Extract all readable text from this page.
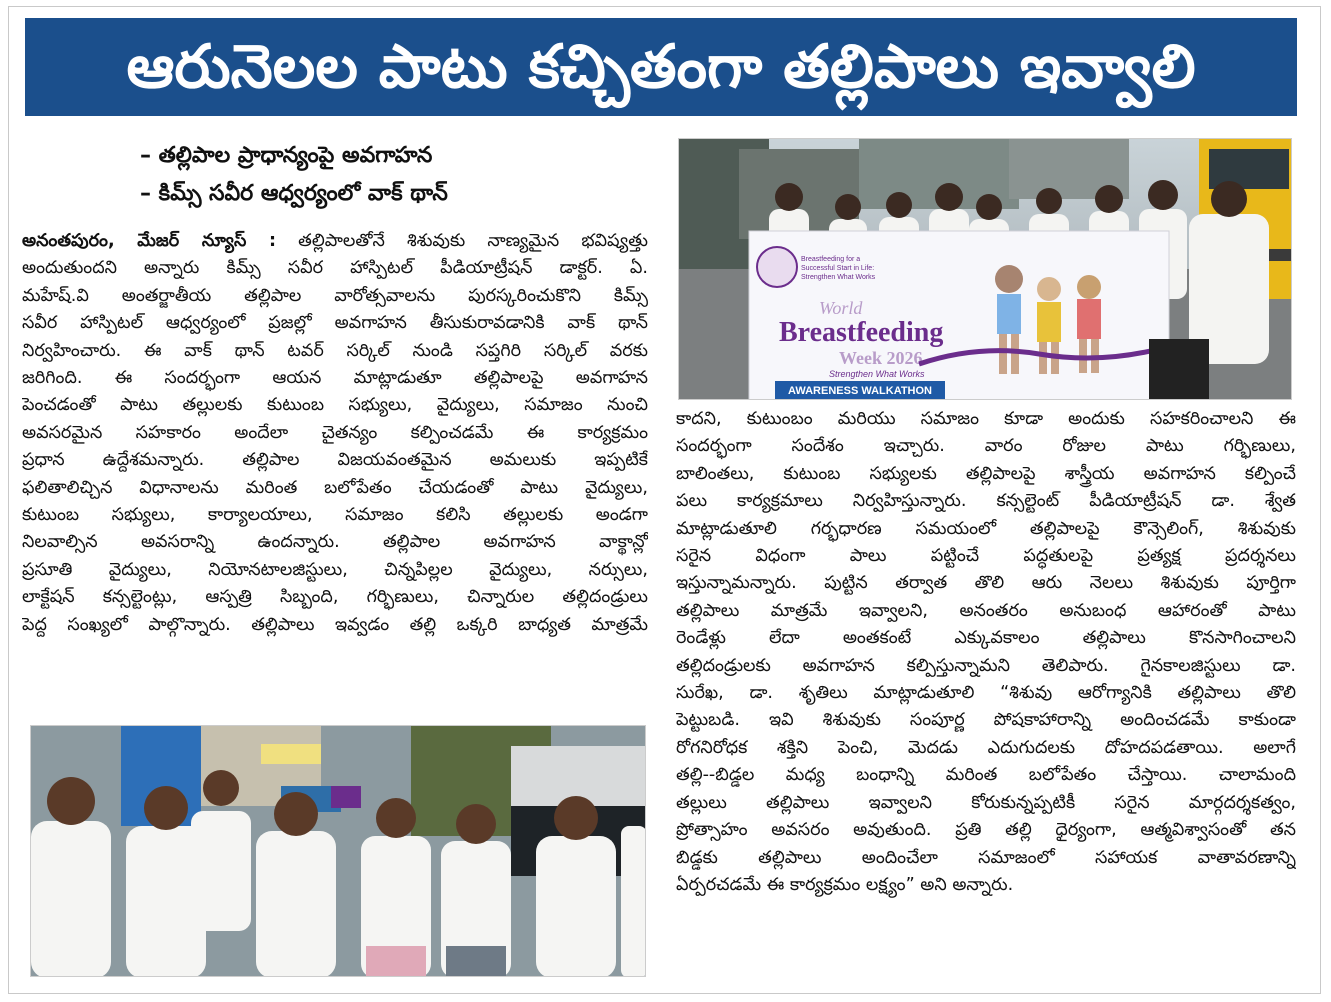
ఆరునెలల పాటు కచ్చితంగా తల్లిపాలు ఇవ్వాలి
– తల్లిపాల ప్రాధాన్యంపై అవగాహన
– కిమ్స్ సవీర ఆధ్వర్యంలో వాక్ థాన్
అనంతపురం, మేజర్ న్యూస్ : తల్లిపాలతోనే శిశువుకు నాణ్యమైన భవిష్యత్తు
అందుతుందని అన్నారు కిమ్స్ సవీర హాస్పిటల్ పీడియాట్రీషన్ డాక్టర్. ఏ.
మహేష్.వి అంతర్జాతీయ తల్లిపాల వారోత్సవాలను పురస్కరించుకొని కిమ్స్
సవీర హాస్పిటల్ ఆధ్వర్యంలో ప్రజల్లో అవగాహన తీసుకురావడానికి వాక్ థాన్
నిర్వహించారు. ఈ వాక్ థాన్ టవర్ సర్కిల్ నుండి సప్తగిరి సర్కిల్ వరకు
జరిగింది. ఈ సందర్భంగా ఆయన మాట్లాడుతూ తల్లిపాలపై అవగాహన
పెంచడంతో పాటు తల్లులకు కుటుంబ సభ్యులు, వైద్యులు, సమాజం నుంచి
అవసరమైన సహకారం అందేలా చైతన్యం కల్పించడమే ఈ కార్యక్రమం
ప్రధాన ఉద్దేశమన్నారు. తల్లిపాల విజయవంతమైన అమలుకు ఇప్పటికే
ఫలితాలిచ్చిన విధానాలను మరింత బలోపేతం చేయడంతో పాటు వైద్యులు,
కుటుంబ సభ్యులు, కార్యాలయాలు, సమాజం కలిసి తల్లులకు అండగా
నిలవాల్సిన అవసరాన్ని ఉందన్నారు. తల్లిపాల అవగాహన వాక్థాన్లో
ప్రసూతి వైద్యులు, నియోనటాలజిస్టులు, చిన్నపిల్లల వైద్యులు, నర్సులు,
లాక్టేషన్ కన్సల్టెంట్లు, ఆస్పత్రి సిబ్బంది, గర్భిణులు, చిన్నారుల తల్లిదండ్రులు
పెద్ద సంఖ్యలో పాల్గొన్నారు. తల్లిపాలు ఇవ్వడం తల్లి ఒక్కరి బాధ్యత మాత్రమే
కాదని, కుటుంబం మరియు సమాజం కూడా అందుకు సహకరించాలని ఈ
సందర్భంగా సందేశం ఇచ్చారు. వారం రోజుల పాటు గర్భిణులు,
బాలింతలు, కుటుంబ సభ్యులకు తల్లిపాలపై శాస్త్రీయ అవగాహన కల్పించే
పలు కార్యక్రమాలు నిర్వహిస్తున్నారు. కన్సల్టెంట్ పీడియాట్రీషన్ డా. శ్వేత
మాట్లాడుతూలి గర్భధారణ సమయంలో తల్లిపాలపై కౌన్సెలింగ్, శిశువుకు
సరైన విధంగా పాలు పట్టించే పద్ధతులపై ప్రత్యక్ష ప్రదర్శనలు
ఇస్తున్నామన్నారు. పుట్టిన తర్వాత తొలి ఆరు నెలలు శిశువుకు పూర్తిగా
తల్లిపాలు మాత్రమే ఇవ్వాలని, అనంతరం అనుబంధ ఆహారంతో పాటు
రెండేళ్లు లేదా అంతకంటే ఎక్కువకాలం తల్లిపాలు కొనసాగించాలని
తల్లిదండ్రులకు అవగాహన కల్పిస్తున్నామని తెలిపారు. గైనకాలజిస్టులు డా.
సురేఖ, డా. శృతిలు మాట్లాడుతూలి “శిశువు ఆరోగ్యానికి తల్లిపాలు తొలి
పెట్టుబడి. ఇవి శిశువుకు సంపూర్ణ పోషకాహారాన్ని అందించడమే కాకుండా
రోగనిరోధక శక్తిని పెంచి, మెదడు ఎదుగుదలకు దోహదపడతాయి. అలాగే
తల్లి--బిడ్డల మధ్య బంధాన్ని మరింత బలోపేతం చేస్తాయి. చాలామంది
తల్లులు తల్లిపాలు ఇవ్వాలని కోరుకున్నప్పటికీ సరైన మార్గదర్శకత్వం,
ప్రోత్సాహం అవసరం అవుతుంది. ప్రతి తల్లి ధైర్యంగా, ఆత్మవిశ్వాసంతో తన
బిడ్డకు తల్లిపాలు అందించేలా సమాజంలో సహాయక వాతావరణాన్ని
ఏర్పరచడమే ఈ కార్యక్రమం లక్ష్యం” అని అన్నారు.
Breastfeeding for a
Successful Start in Life:
Strengthen What Works
World
Breastfeeding
Week 2026
Strengthen What Works
AWARENESS WALKATHON
